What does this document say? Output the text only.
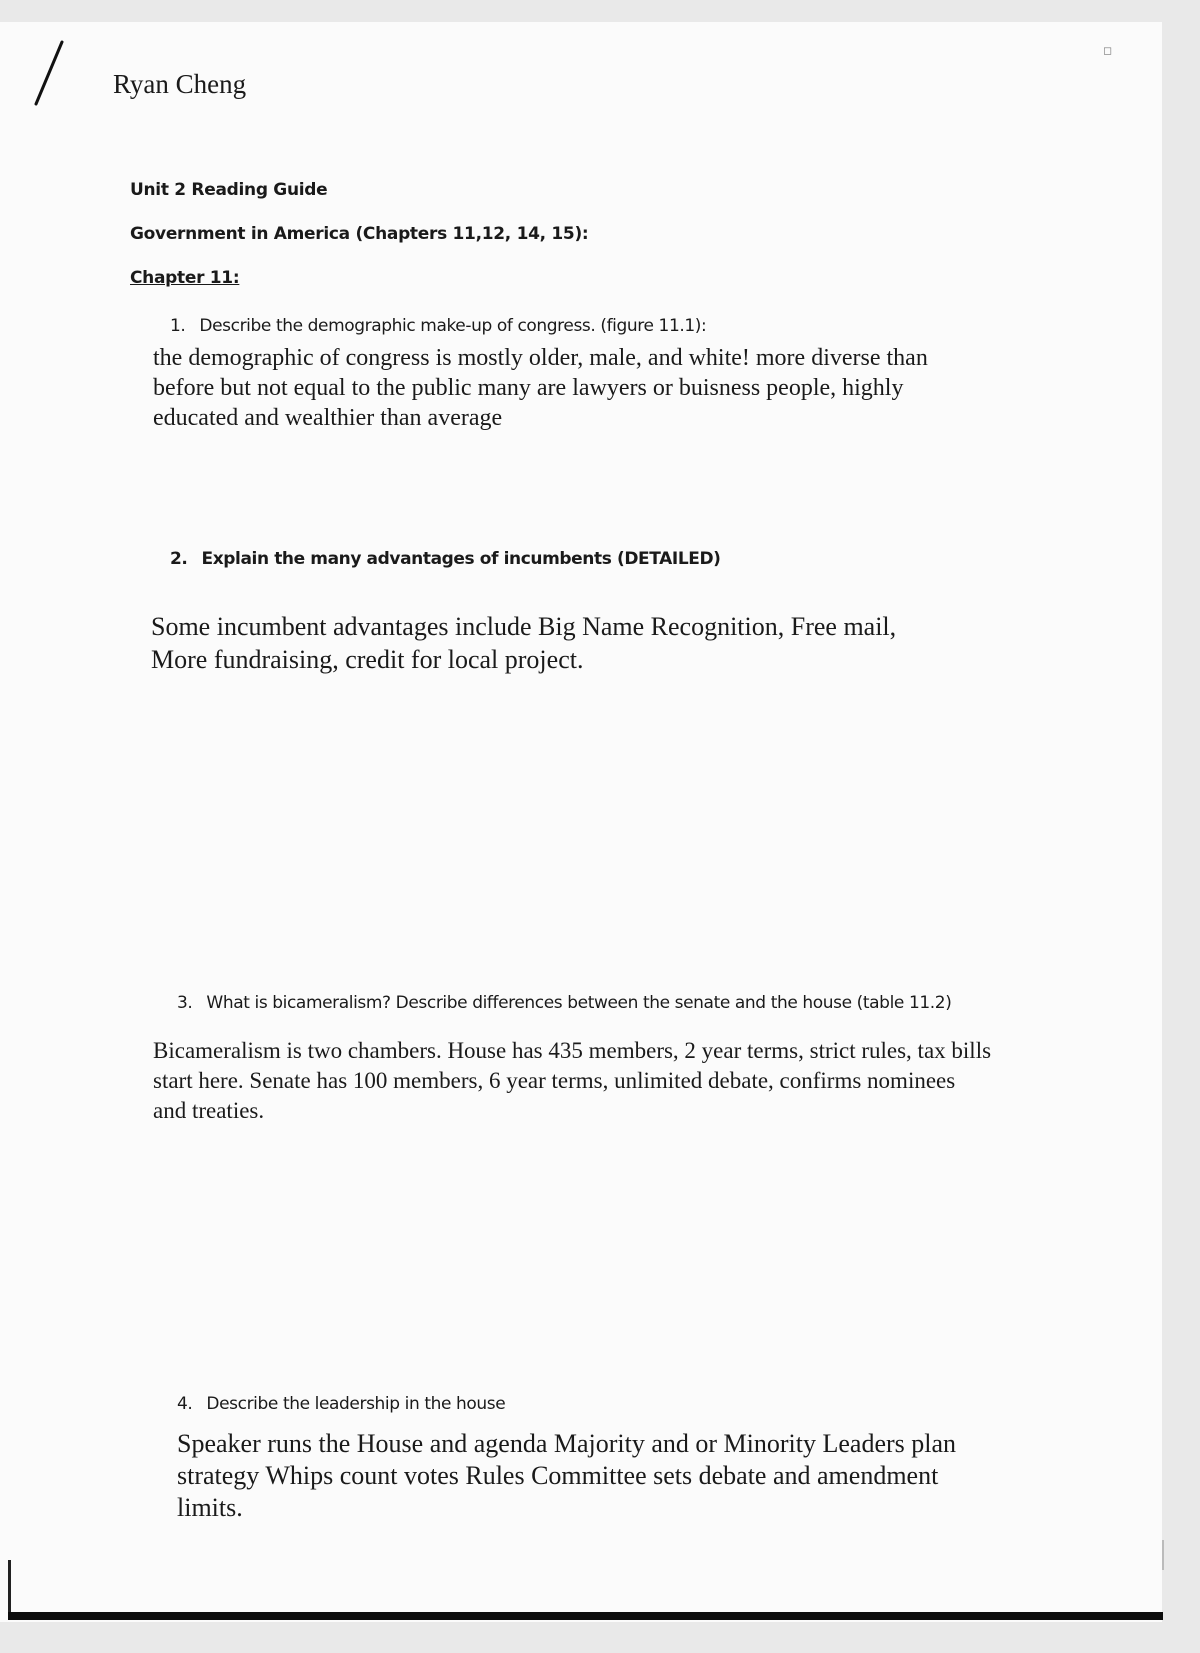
◻
Ryan Cheng
Unit 2 Reading Guide
Government in America (Chapters 11,12, 14, 15):
Chapter 11:
1. Describe the demographic make-up of congress. (figure 11.1):
the demographic of congress is mostly older, male, and white! more diverse than before but not equal to the public many are lawyers or buisness people, highly educated and wealthier than average
2. Explain the many advantages of incumbents (DETAILED)
Some incumbent advantages include Big Name Recognition, Free mail, More fundraising, credit for local project.
3. What is bicameralism? Describe differences between the senate and the house (table 11.2)
Bicameralism is two chambers. House has 435 members, 2 year terms, strict rules, tax bills start here. Senate has 100 members, 6 year terms, unlimited debate, confirms nominees and treaties.
4. Describe the leadership in the house
Speaker runs the House and agenda Majority and or Minority Leaders plan strategy Whips count votes Rules Committee sets debate and amendment limits.
